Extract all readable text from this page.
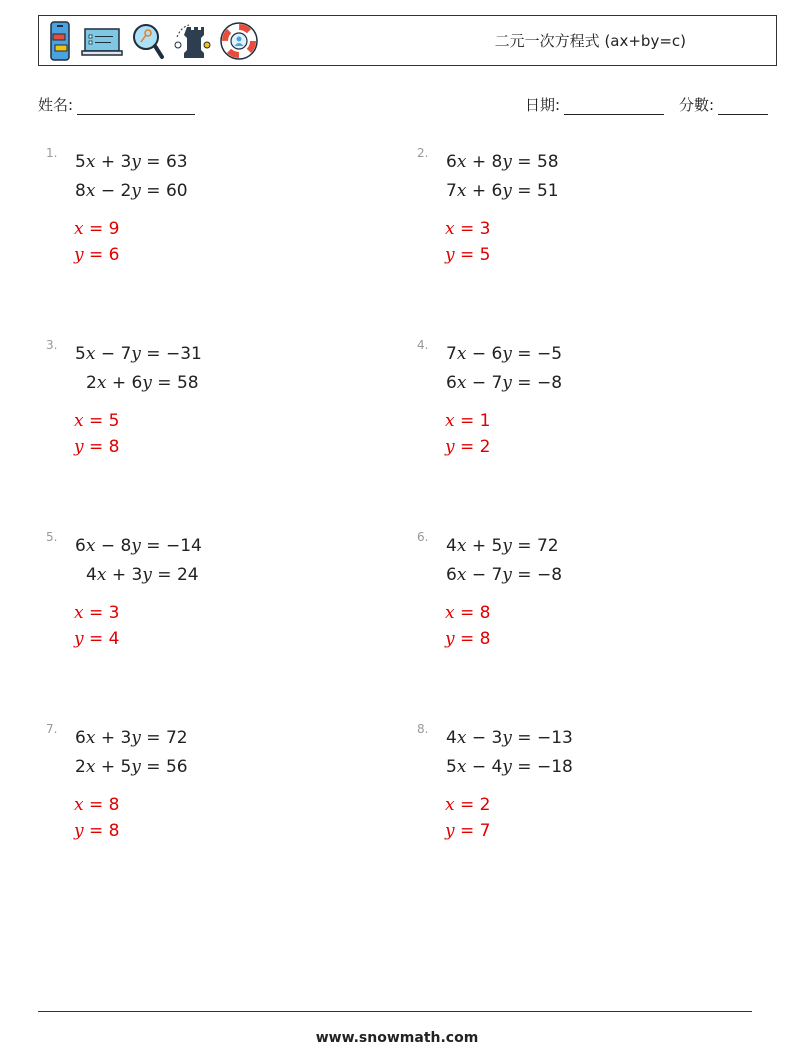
二元一次方程式 (ax+by=c)
姓名:	日期:	分數:
1. 5x + 3y = 63
8x − 2y = 60
x = 9
y = 6
2. 6x + 8y = 58
7x + 6y = 51
x = 3
y = 5
3. 5x − 7y = −31
2x + 6y = 58
x = 5
y = 8
4. 7x − 6y = −5
6x − 7y = −8
x = 1
y = 2
5. 6x − 8y = −14
4x + 3y = 24
x = 3
y = 4
6. 4x + 5y = 72
6x − 7y = −8
x = 8
y = 8
7. 6x + 3y = 72
2x + 5y = 56
x = 8
y = 8
8. 4x − 3y = −13
5x − 4y = −18
x = 2
y = 7
www.snowmath.com
